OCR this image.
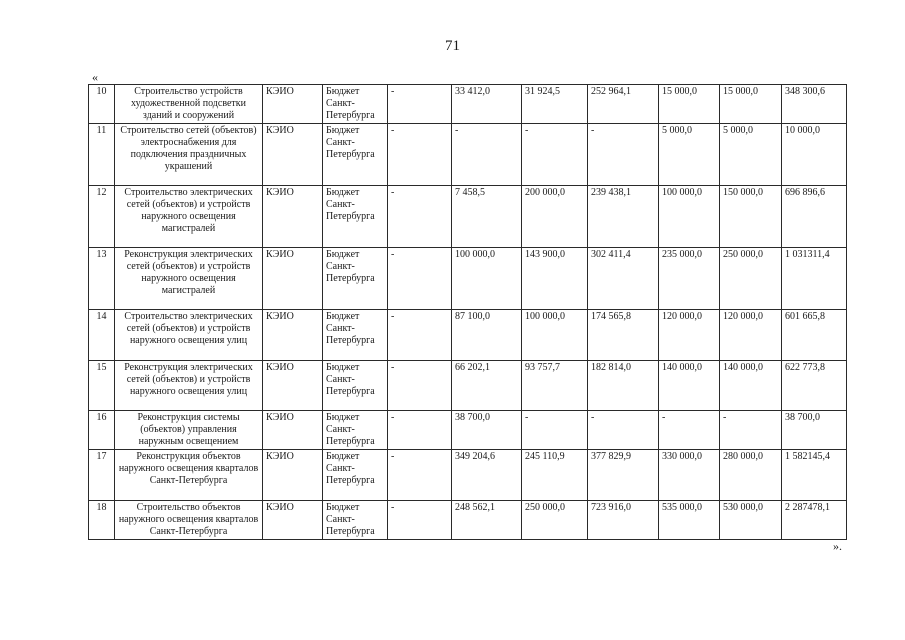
71
«
10	Строительство устройств художественной подсветки зданий и сооружений	КЭИО	Бюджет Санкт-Петербурга	-	33 412,0	31 924,5	252 964,1	15 000,0	15 000,0	348 300,6
11	Строительство сетей (объектов) электроснабжения для подключения праздничных украшений	КЭИО	Бюджет Санкт-Петербурга	-	-	-	-	5 000,0	5 000,0	10 000,0
12	Строительство электрических сетей (объектов) и устройств наружного освещения магистралей	КЭИО	Бюджет Санкт-Петербурга	-	7 458,5	200 000,0	239 438,1	100 000,0	150 000,0	696 896,6
13	Реконструкция электрических сетей (объектов) и устройств наружного освещения магистралей	КЭИО	Бюджет Санкт-Петербурга	-	100 000,0	143 900,0	302 411,4	235 000,0	250 000,0	1 031311,4
14	Строительство электрических сетей (объектов) и устройств наружного освещения улиц	КЭИО	Бюджет Санкт-Петербурга	-	87 100,0	100 000,0	174 565,8	120 000,0	120 000,0	601 665,8
15	Реконструкция электрических сетей (объектов) и устройств наружного освещения улиц	КЭИО	Бюджет Санкт-Петербурга	-	66 202,1	93 757,7	182 814,0	140 000,0	140 000,0	622 773,8
16	Реконструкция системы (объектов) управления наружным освещением	КЭИО	Бюджет Санкт-Петербурга	-	38 700,0	-	-	-	-	38 700,0
17	Реконструкция объектов наружного освещения кварталов Санкт-Петербурга	КЭИО	Бюджет Санкт-Петербурга	-	349 204,6	245 110,9	377 829,9	330 000,0	280 000,0	1 582145,4
18	Строительство объектов наружного освещения кварталов Санкт-Петербурга	КЭИО	Бюджет Санкт-Петербурга	-	248 562,1	250 000,0	723 916,0	535 000,0	530 000,0	2 287478,1
».
